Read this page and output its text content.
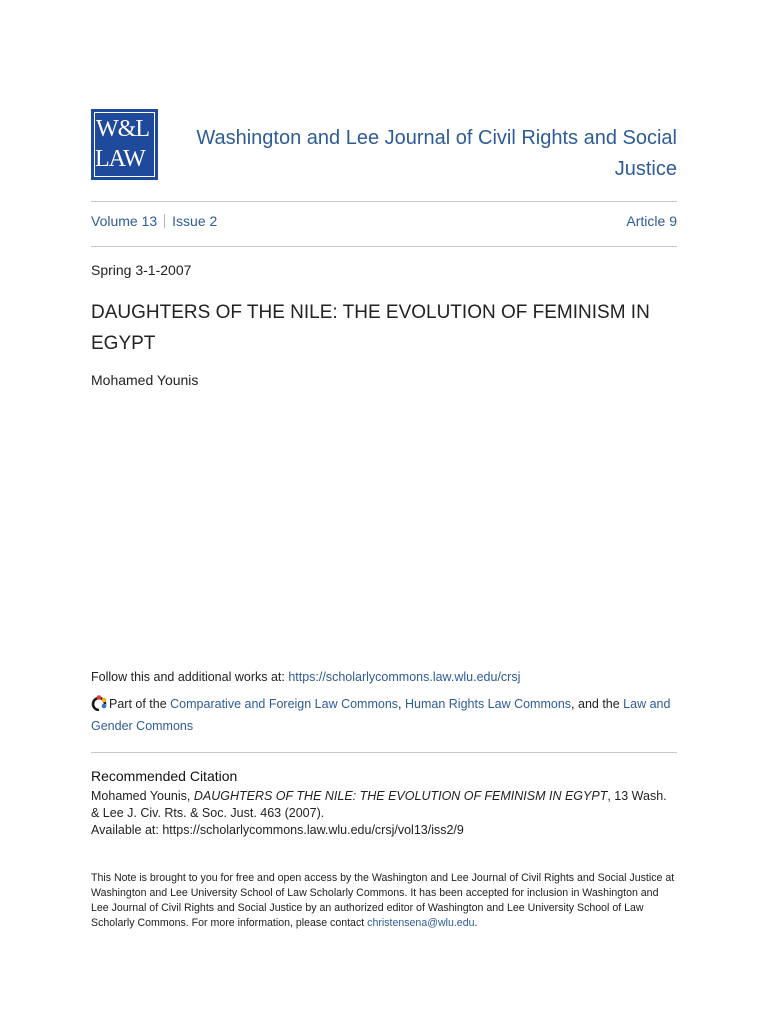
W&L
LAW
Washington and Lee Journal of Civil Rights and Social
Justice
Volume 13 Issue 2	Article 9
Spring 3-1-2007
DAUGHTERS OF THE NILE: THE EVOLUTION OF FEMINISM IN
EGYPT
Mohamed Younis
Follow this and additional works at: https://scholarlycommons.law.wlu.edu/crsj
Part of the Comparative and Foreign Law Commons, Human Rights Law Commons, and the Law and Gender Commons
Recommended Citation
Mohamed Younis, DAUGHTERS OF THE NILE: THE EVOLUTION OF FEMINISM IN EGYPT, 13 Wash. & Lee J. Civ. Rts. & Soc. Just. 463 (2007).
Available at: https://scholarlycommons.law.wlu.edu/crsj/vol13/iss2/9
This Note is brought to you for free and open access by the Washington and Lee Journal of Civil Rights and Social Justice at Washington and Lee University School of Law Scholarly Commons. It has been accepted for inclusion in Washington and Lee Journal of Civil Rights and Social Justice by an authorized editor of Washington and Lee University School of Law Scholarly Commons. For more information, please contact christensena@wlu.edu.
